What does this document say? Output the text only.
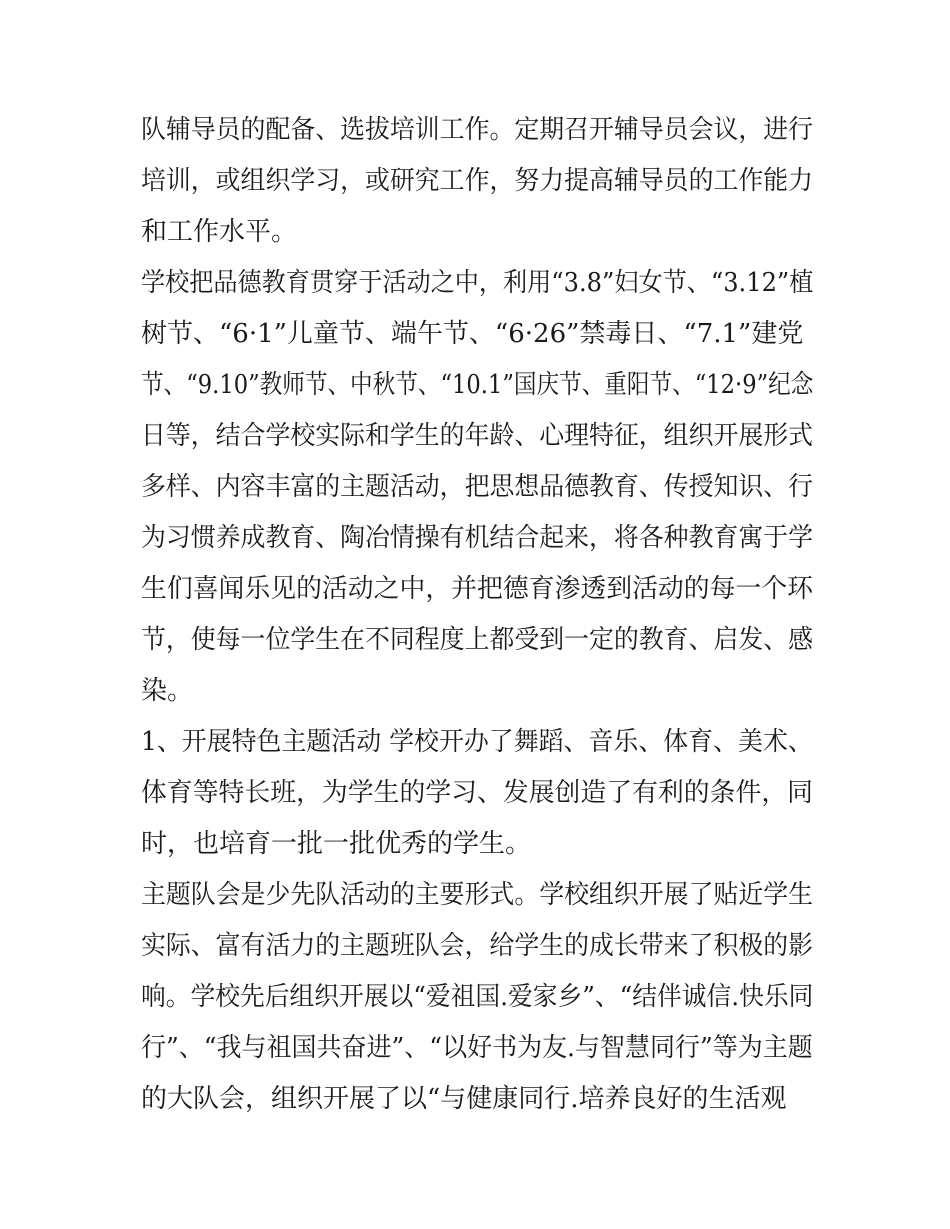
队辅导员的配备、选拔培训工作。定期召开辅导员会议，进行
培训，或组织学习，或研究工作，努力提高辅导员的工作能力
和工作水平。
学校把品德教育贯穿于活动之中，利用“3.8”妇女节、“3.12”植
树节、“6·1”儿童节、端午节、“6·26”禁毒日、“7.1”建党
节、“9.10”教师节、中秋节、“10.1”国庆节、重阳节、“12·9”纪念
日等，结合学校实际和学生的年龄、心理特征，组织开展形式
多样、内容丰富的主题活动，把思想品德教育、传授知识、行
为习惯养成教育、陶冶情操有机结合起来，将各种教育寓于学
生们喜闻乐见的活动之中，并把德育渗透到活动的每一个环
节，使每一位学生在不同程度上都受到一定的教育、启发、感
染。
1、开展特色主题活动 学校开办了舞蹈、音乐、体育、美术、
体育等特长班，为学生的学习、发展创造了有利的条件，同
时，也培育一批一批优秀的学生。
主题队会是少先队活动的主要形式。学校组织开展了贴近学生
实际、富有活力的主题班队会，给学生的成长带来了积极的影
响。学校先后组织开展以“爱祖国.爱家乡”、“结伴诚信.快乐同
行”、“我与祖国共奋进”、“以好书为友.与智慧同行”等为主题
的大队会，组织开展了以“与健康同行.培养良好的生活观
